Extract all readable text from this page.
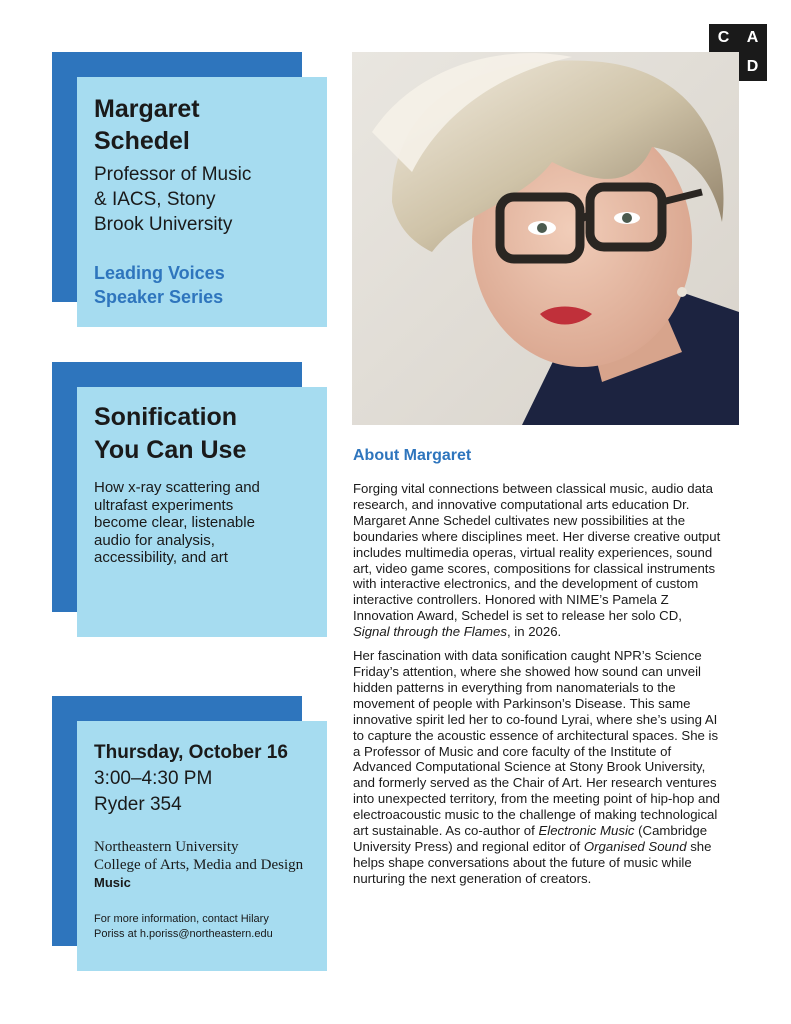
C A
D

Margaret

Schedel

Professor of Music
& IACS, Stony
Brook University

Leading Voices
Speaker Series

Sonification

You Can Use

How x-ray scattering and
ultrafast experiments
become clear, listenable
audio for analysis,
accessibility, and art

Thursday, October 16

3:00–4:30 PM

Ryder 354

Northeastern University

College of Arts, Media and Design

Music

For more information, contact Hilary
Poriss at h.poriss@northeastern.edu

About Margaret

Forging vital connections between classical music, audio data research, and innovative computational arts education Dr. Margaret Anne Schedel cultivates new possibilities at the boundaries where disciplines meet. Her diverse creative output includes multimedia operas, virtual reality experiences, sound art, video game scores, compositions for classical instruments with interactive electronics, and the development of custom interactive controllers. Honored with NIME’s Pamela Z Innovation Award, Schedel is set to release her solo CD, Signal through the Flames, in 2026.

Her fascination with data sonification caught NPR’s Science Friday’s attention, where she showed how sound can unveil hidden patterns in everything from nanomaterials to the movement of people with Parkinson’s Disease. This same innovative spirit led her to co-found Lyrai, where she’s using AI to capture the acoustic essence of architectural spaces. She is a Professor of Music and core faculty of the Institute of Advanced Computational Science at Stony Brook University, and formerly served as the Chair of Art. Her research ventures into unexpected territory, from the meeting point of hip-hop and electroacoustic music to the challenge of making technological art sustainable. As co-author of Electronic Music (Cambridge University Press) and regional editor of Organised Sound she helps shape conversations about the future of music while nurturing the next generation of creators.
